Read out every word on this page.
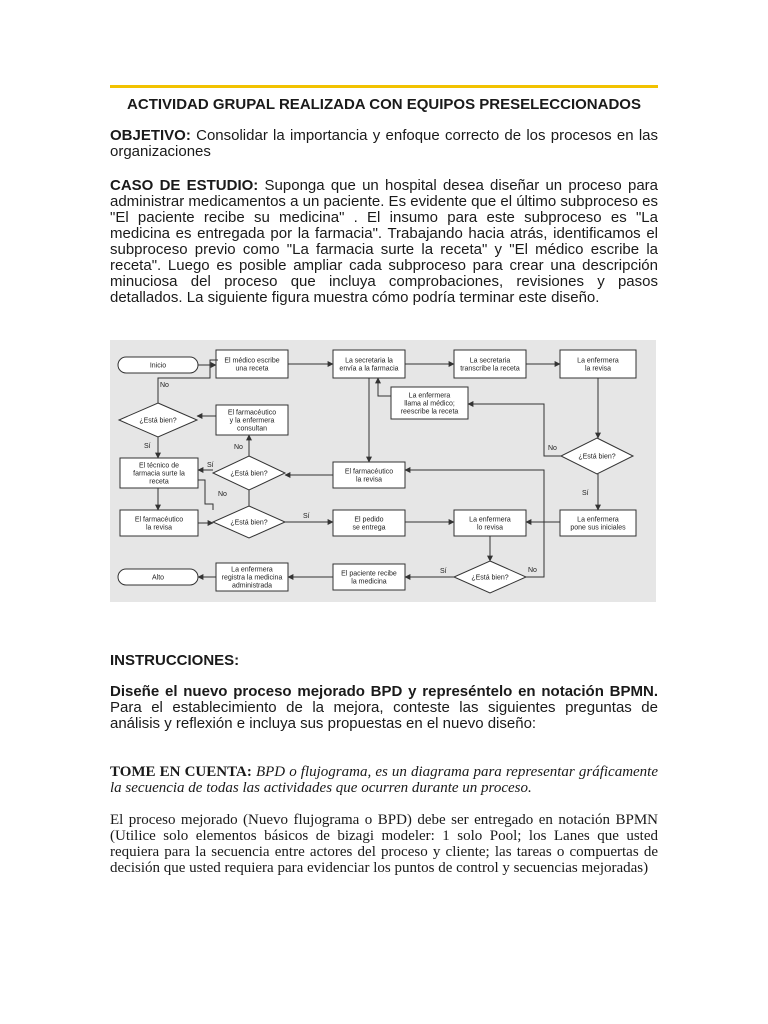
ACTIVIDAD GRUPAL REALIZADA CON EQUIPOS PRESELECCIONADOS
OBJETIVO: Consolidar la importancia y enfoque correcto de los procesos en las organizaciones
CASO DE ESTUDIO: Suponga que un hospital desea diseñar un proceso para administrar medicamentos a un paciente. Es evidente que el último subproceso es "El paciente recibe su medicina" . El insumo para este subproceso es "La medicina es entregada por la farmacia". Trabajando hacia atrás, identificamos el subproceso previo como "La farmacia surte la receta" y "El médico escribe la receta". Luego es posible ampliar cada subproceso para crear una descripción minuciosa del proceso que incluya comprobaciones, revisiones y pasos detallados. La siguiente figura muestra cómo podría terminar este diseño.
Inicio
El médico escribe
una receta
La secretaria la
envía a la farmacia
La secretaria
transcribe la receta
La enfermera
la revisa
La enfermera
llama al médico;
reescribe la receta
El farmacéutico
y la enfermera
consultan
¿Está bien?
El técnico de
farmacia surte la
receta
¿Está bien?	El farmacéutico
la revisa
¿Está bien?
El farmacéutico
la revisa
¿Está bien?	El pedido
se entrega
La enfermera
lo revisa
La enfermera
pone sus iniciales
Alto
La enfermera
registra la medicina
administrada
El paciente recibe
la medicina
¿Está bien?
No
Sí	No
Sí
No
Sí
No
Sí
Sí	No
INSTRUCCIONES:
Diseñe el nuevo proceso mejorado BPD y represéntelo en notación BPMN. Para el establecimiento de la mejora, conteste las siguientes preguntas de análisis y reflexión e incluya sus propuestas en el nuevo diseño:
TOME EN CUENTA: BPD o flujograma, es un diagrama para representar gráficamente la secuencia de todas las actividades que ocurren durante un proceso.
El proceso mejorado (Nuevo flujograma o BPD) debe ser entregado en notación BPMN (Utilice solo elementos básicos de bizagi modeler: 1 solo Pool; los Lanes que usted requiera para la secuencia entre actores del proceso y cliente; las tareas o compuertas de decisión que usted requiera para evidenciar los puntos de control y secuencias mejoradas)
